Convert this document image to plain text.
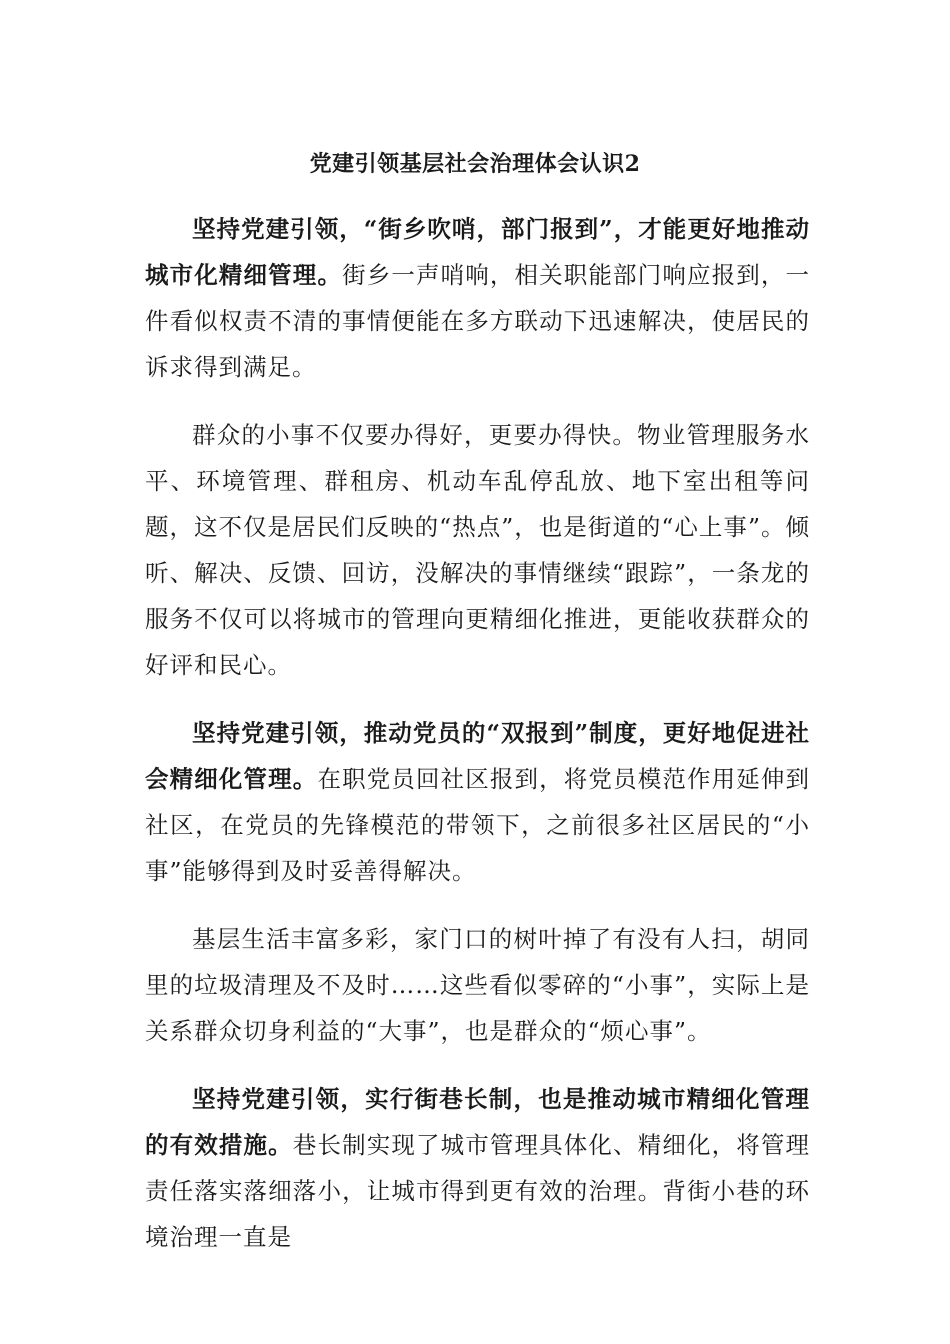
党建引领基层社会治理体会认识2

坚持党建引领，“街乡吹哨，部门报到”，才能更好地推动城市化精细管理。街乡一声哨响，相关职能部门响应报到，一件看似权责不清的事情便能在多方联动下迅速解决，使居民的诉求得到满足。

群众的小事不仅要办得好，更要办得快。物业管理服务水平、环境管理、群租房、机动车乱停乱放、地下室出租等问题，这不仅是居民们反映的“热点”，也是街道的“心上事”。倾听、解决、反馈、回访，没解决的事情继续“跟踪”，一条龙的服务不仅可以将城市的管理向更精细化推进，更能收获群众的好评和民心。

坚持党建引领，推动党员的“双报到”制度，更好地促进社会精细化管理。在职党员回社区报到，将党员模范作用延伸到社区，在党员的先锋模范的带领下，之前很多社区居民的“小事”能够得到及时妥善得解决。

基层生活丰富多彩，家门口的树叶掉了有没有人扫，胡同里的垃圾清理及不及时……这些看似零碎的“小事”，实际上是关系群众切身利益的“大事”，也是群众的“烦心事”。

坚持党建引领，实行街巷长制，也是推动城市精细化管理的有效措施。巷长制实现了城市管理具体化、精细化，将管理责任落实落细落小，让城市得到更有效的治理。背街小巷的环境治理一直是
